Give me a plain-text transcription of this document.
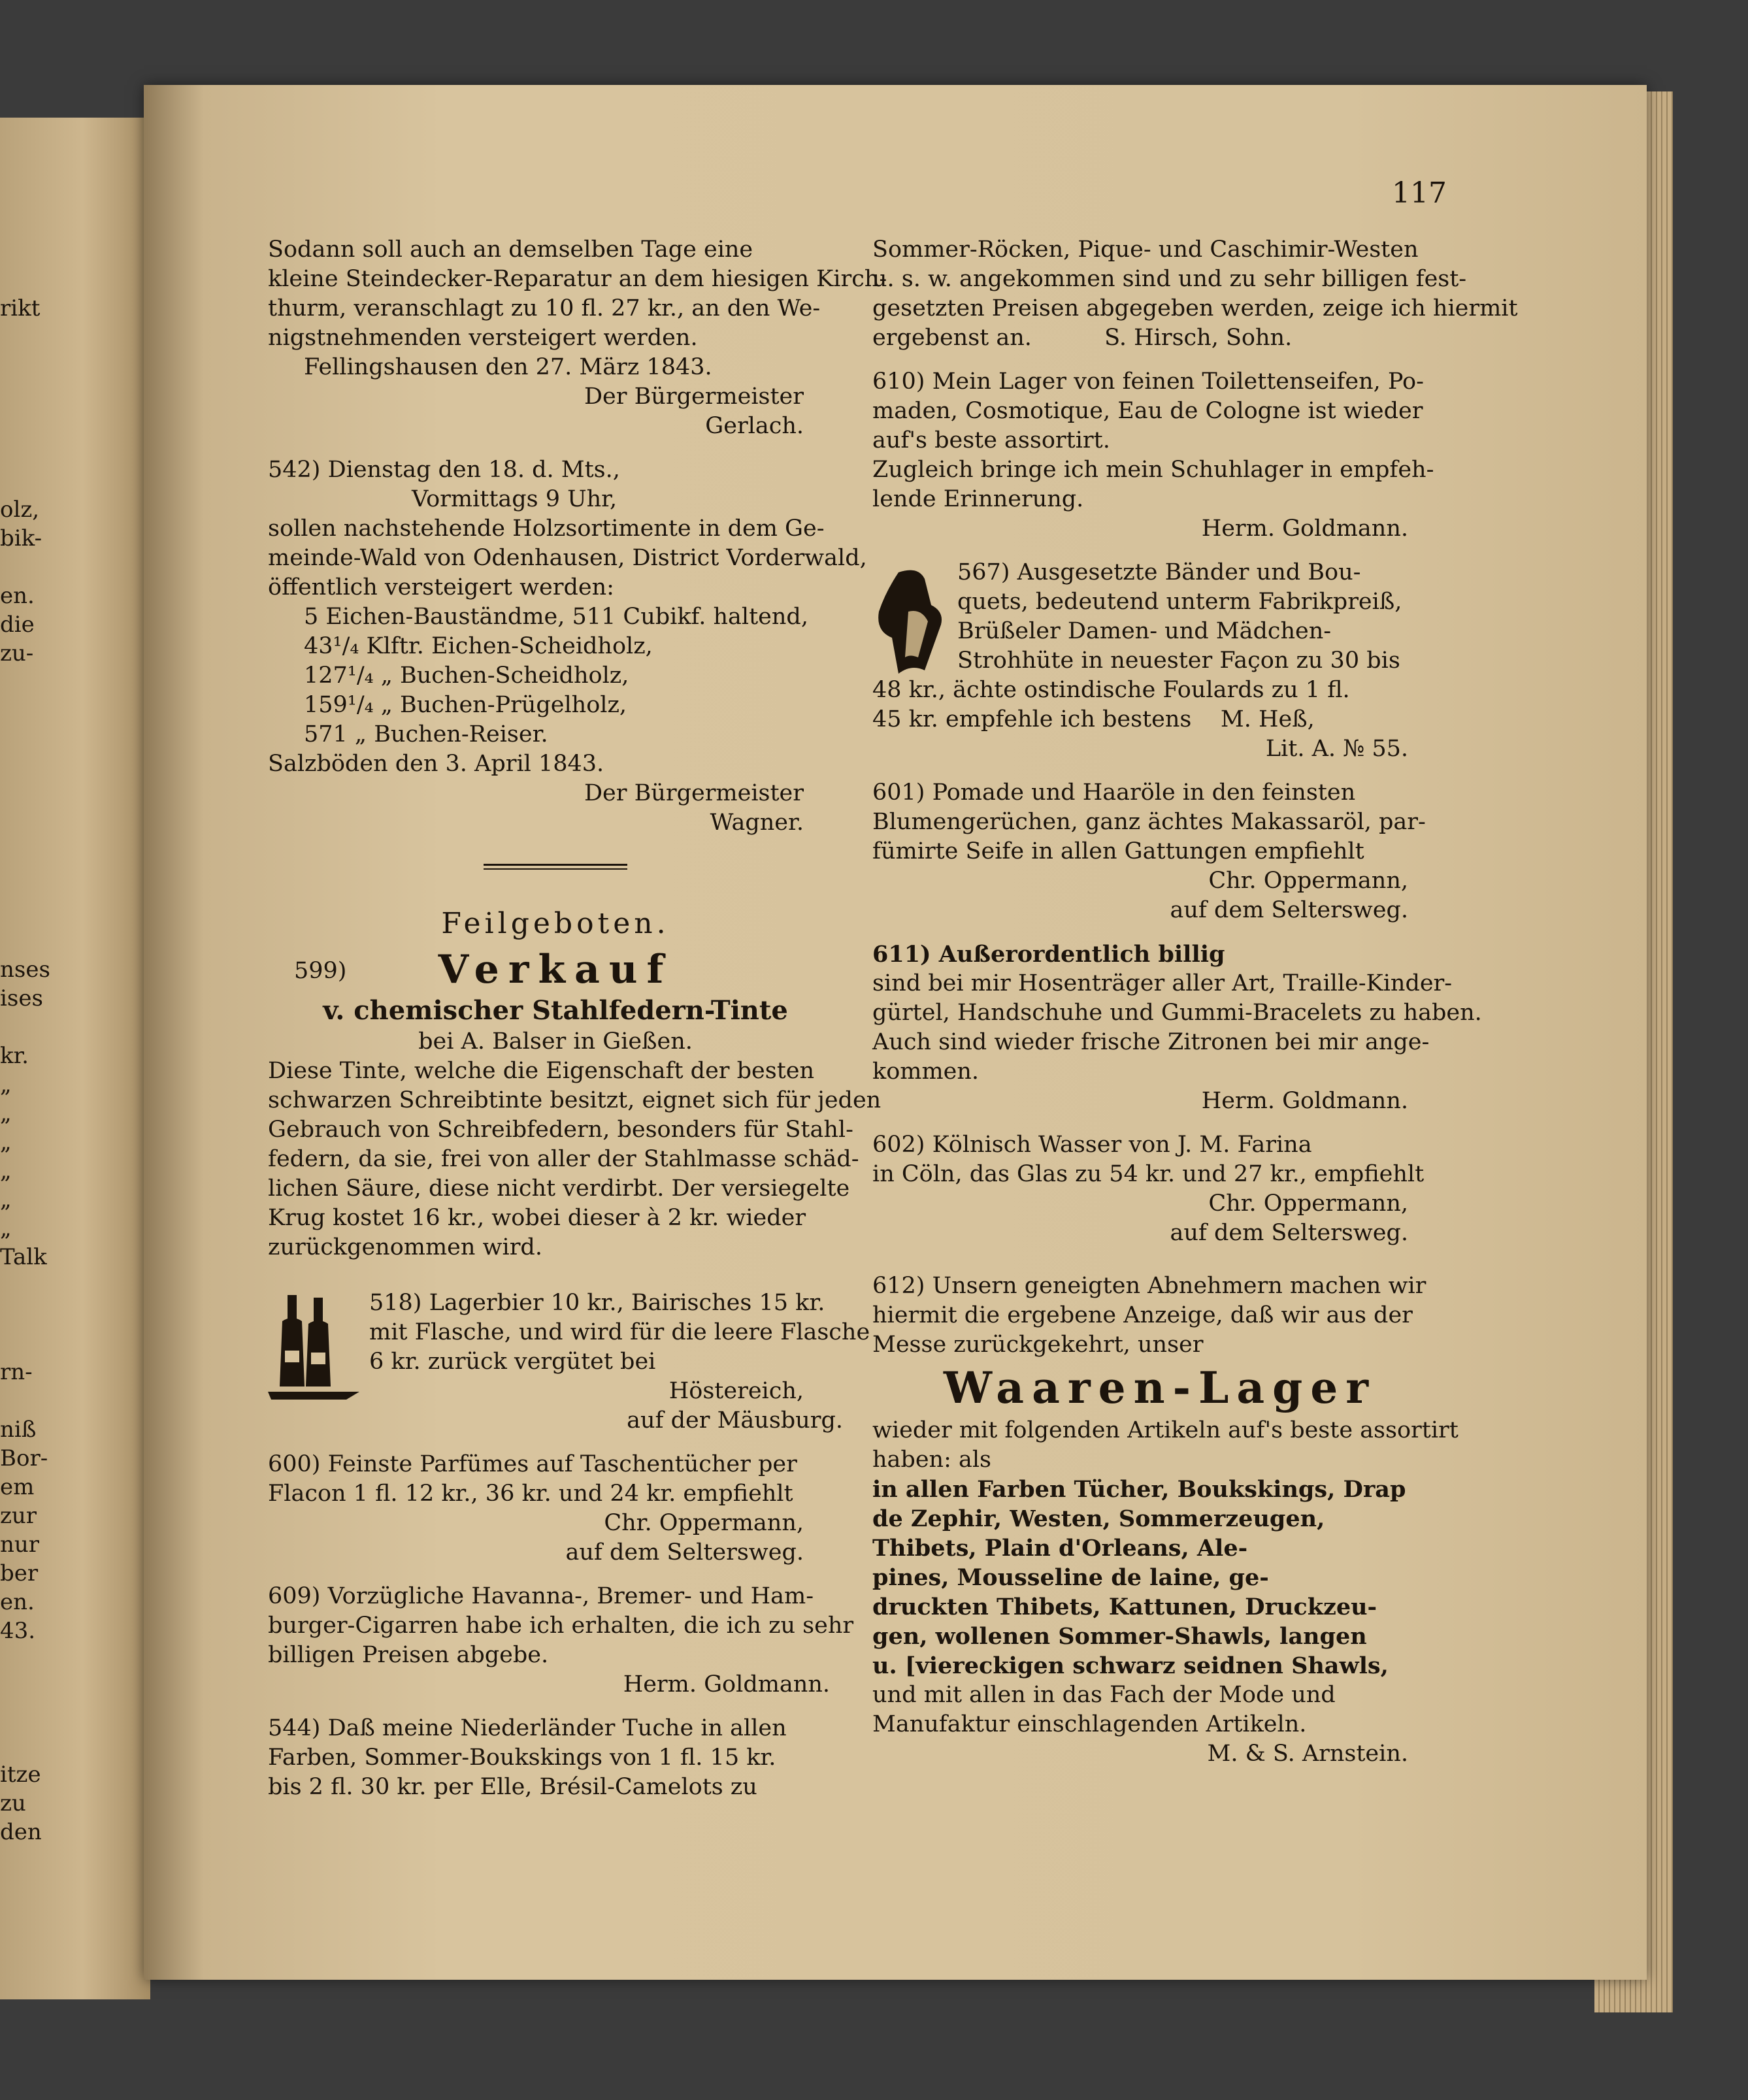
rikt
olz,
bik-
en.
die
zu-
nses
ises
kr.
„
„
„
„
„
„
Talk
rn-
niß
Bor-
em
zur
nur
ber
en.
43.
itze
zu
den
117
Sodann soll auch an demselben Tage eine
kleine Steindecker-Reparatur an dem hiesigen Kirch-
thurm, veranschlagt zu 10 fl. 27 kr., an den We-
nigstnehmenden versteigert werden.
Fellingshausen den 27. März 1843.
Der Bürgermeister
Gerlach.
542) Dienstag den 18. d. Mts.,
Vormittags 9 Uhr,
sollen nachstehende Holzsortimente in dem Ge-
meinde-Wald von Odenhausen, District Vorderwald,
öffentlich versteigert werden:
5 Eichen-Bauständme, 511 Cubikf. haltend,
43¹/₄ Klftr. Eichen-Scheidholz,
127¹/₄ „ Buchen-Scheidholz,
159¹/₄ „ Buchen-Prügelholz,
571 „ Buchen-Reiser.
Salzböden den 3. April 1843.
Der Bürgermeister
Wagner.
Feilgeboten.
599)	Verkauf
v. chemischer Stahlfedern-Tinte
bei A. Balser in Gießen.
Diese Tinte, welche die Eigenschaft der besten
schwarzen Schreibtinte besitzt, eignet sich für jeden
Gebrauch von Schreibfedern, besonders für Stahl-
federn, da sie, frei von aller der Stahlmasse schäd-
lichen Säure, diese nicht verdirbt. Der versiegelte
Krug kostet 16 kr., wobei dieser à 2 kr. wieder
zurückgenommen wird.
518) Lagerbier 10 kr., Bairisches 15 kr.
mit Flasche, und wird für die leere Flasche
6 kr. zurück vergütet bei
Höstereich,
auf der Mäusburg.
600) Feinste Parfümes auf Taschentücher per
Flacon 1 fl. 12 kr., 36 kr. und 24 kr. empfiehlt
Chr. Oppermann,
auf dem Seltersweg.
609) Vorzügliche Havanna-, Bremer- und Ham-
burger-Cigarren habe ich erhalten, die ich zu sehr
billigen Preisen abgebe.
Herm. Goldmann.
544) Daß meine Niederländer Tuche in allen
Farben, Sommer-Boukskings von 1 fl. 15 kr.
bis 2 fl. 30 kr. per Elle, Brésil-Camelots zu
Sommer-Röcken, Pique- und Caschimir-Westen
u. s. w. angekommen sind und zu sehr billigen fest-
gesetzten Preisen abgegeben werden, zeige ich hiermit
ergebenst an.          S. Hirsch, Sohn.
610) Mein Lager von feinen Toilettenseifen, Po-
maden, Cosmotique, Eau de Cologne ist wieder
auf's beste assortirt.
Zugleich bringe ich mein Schuhlager in empfeh-
lende Erinnerung.
Herm. Goldmann.
567) Ausgesetzte Bänder und Bou-
quets, bedeutend unterm Fabrikpreiß,
Brüßeler Damen- und Mädchen-
Strohhüte in neuester Façon zu 30 bis
48 kr., ächte ostindische Foulards zu 1 fl.
45 kr. empfehle ich bestens    M. Heß,
Lit. A. № 55.
601) Pomade und Haaröle in den feinsten
Blumengerüchen, ganz ächtes Makassaröl, par-
fümirte Seife in allen Gattungen empfiehlt
Chr. Oppermann,
auf dem Seltersweg.
611) Außerordentlich billig
sind bei mir Hosenträger aller Art, Traille-Kinder-
gürtel, Handschuhe und Gummi-Bracelets zu haben.
Auch sind wieder frische Zitronen bei mir ange-
kommen.
Herm. Goldmann.
602) Kölnisch Wasser von J. M. Farina
in Cöln, das Glas zu 54 kr. und 27 kr., empfiehlt
Chr. Oppermann,
auf dem Seltersweg.
612) Unsern geneigten Abnehmern machen wir
hiermit die ergebene Anzeige, daß wir aus der
Messe zurückgekehrt, unser
Waaren-Lager
wieder mit folgenden Artikeln auf's beste assortirt
haben: als
in allen Farben Tücher, Boukskings, Drap
de Zephir, Westen, Sommerzeugen,
Thibets, Plain d'Orleans, Ale-
pines, Mousseline de laine, ge-
druckten Thibets, Kattunen, Druckzeu-
gen, wollenen Sommer-Shawls, langen
u. [viereckigen schwarz seidnen Shawls,
und mit allen in das Fach der Mode und
Manufaktur einschlagenden Artikeln.
M. & S. Arnstein.
